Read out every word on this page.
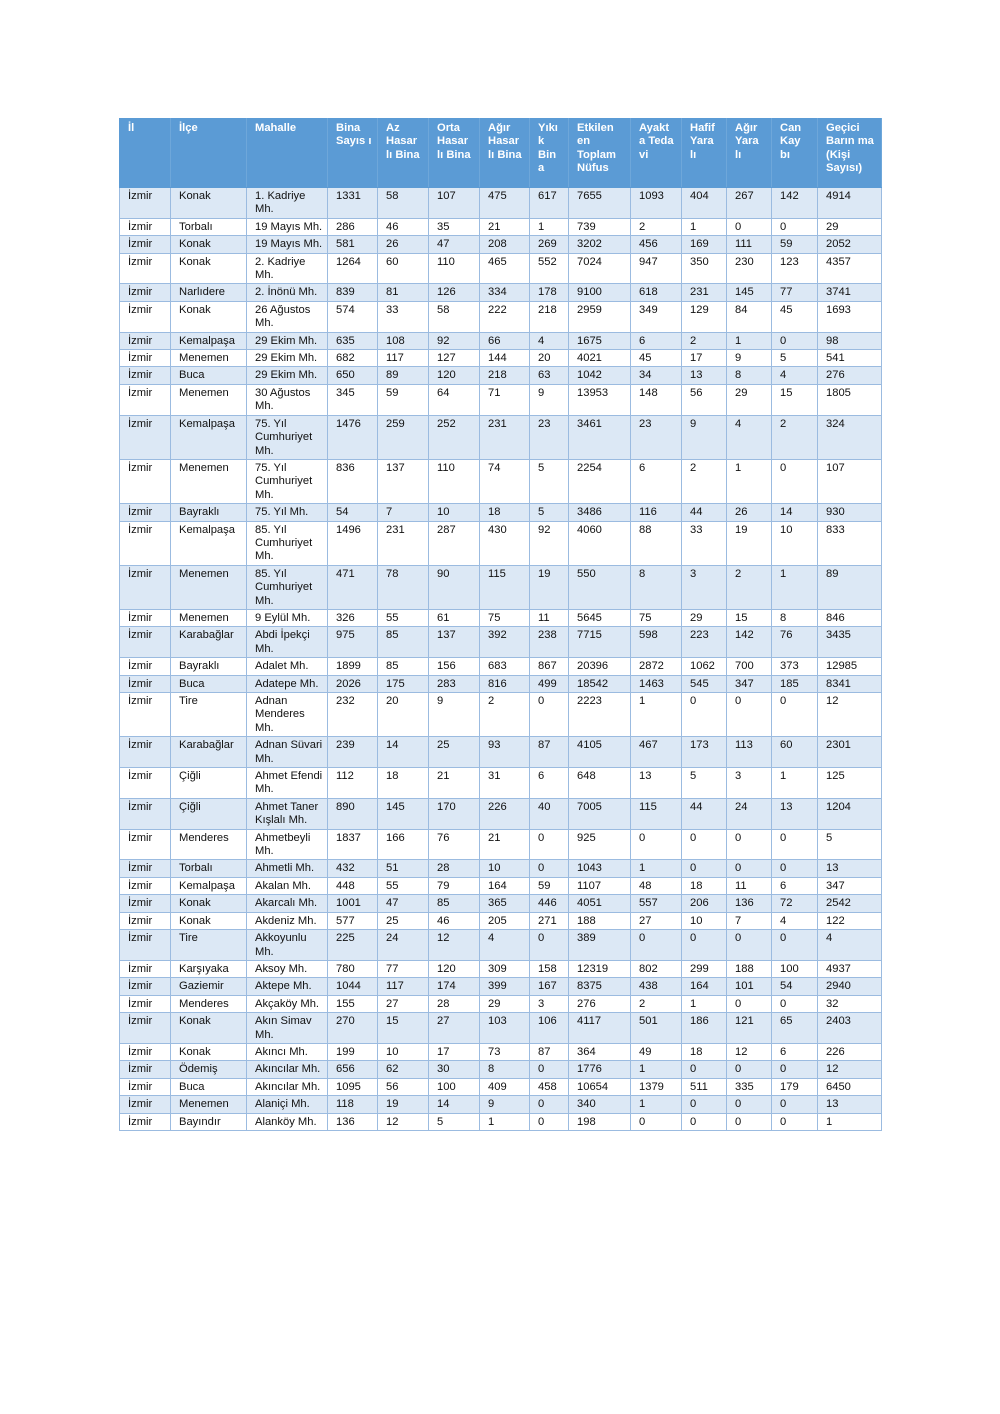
İl	İlçe	Mahalle	Bina Sayıs ı	Az Hasar lı Bina	Orta Hasar lı Bina	Ağır Hasar lı Bina	Yıkı k Bin a	Etkilen en Toplam Nüfus	Ayakt a Teda vi	Hafif Yara lı	Ağır Yara lı	Can Kay bı	Geçici Barın ma (Kişi Sayısı)
İzmir	Konak	1. Kadriye Mh.	1331	58	107	475	617	7655	1093	404	267	142	4914
İzmir	Torbalı	19 Mayıs Mh.	286	46	35	21	1	739	2	1	0	0	29
İzmir	Konak	19 Mayıs Mh.	581	26	47	208	269	3202	456	169	111	59	2052
İzmir	Konak	2. Kadriye Mh.	1264	60	110	465	552	7024	947	350	230	123	4357
İzmir	Narlıdere	2. İnönü Mh.	839	81	126	334	178	9100	618	231	145	77	3741
İzmir	Konak	26 Ağustos Mh.	574	33	58	222	218	2959	349	129	84	45	1693
İzmir	Kemalpaşa	29 Ekim Mh.	635	108	92	66	4	1675	6	2	1	0	98
İzmir	Menemen	29 Ekim Mh.	682	117	127	144	20	4021	45	17	9	5	541
İzmir	Buca	29 Ekim Mh.	650	89	120	218	63	1042	34	13	8	4	276
İzmir	Menemen	30 Ağustos Mh.	345	59	64	71	9	13953	148	56	29	15	1805
İzmir	Kemalpaşa	75. Yıl Cumhuriyet Mh.	1476	259	252	231	23	3461	23	9	4	2	324
İzmir	Menemen	75. Yıl Cumhuriyet Mh.	836	137	110	74	5	2254	6	2	1	0	107
İzmir	Bayraklı	75. Yıl Mh.	54	7	10	18	5	3486	116	44	26	14	930
İzmir	Kemalpaşa	85. Yıl Cumhuriyet Mh.	1496	231	287	430	92	4060	88	33	19	10	833
İzmir	Menemen	85. Yıl Cumhuriyet Mh.	471	78	90	115	19	550	8	3	2	1	89
İzmir	Menemen	9 Eylül Mh.	326	55	61	75	11	5645	75	29	15	8	846
İzmir	Karabağlar	Abdi İpekçi Mh.	975	85	137	392	238	7715	598	223	142	76	3435
İzmir	Bayraklı	Adalet Mh.	1899	85	156	683	867	20396	2872	1062	700	373	12985
İzmir	Buca	Adatepe Mh.	2026	175	283	816	499	18542	1463	545	347	185	8341
İzmir	Tire	Adnan Menderes Mh.	232	20	9	2	0	2223	1	0	0	0	12
İzmir	Karabağlar	Adnan Süvari Mh.	239	14	25	93	87	4105	467	173	113	60	2301
İzmir	Çiğli	Ahmet Efendi Mh.	112	18	21	31	6	648	13	5	3	1	125
İzmir	Çiğli	Ahmet Taner Kışlalı Mh.	890	145	170	226	40	7005	115	44	24	13	1204
İzmir	Menderes	Ahmetbeyli Mh.	1837	166	76	21	0	925	0	0	0	0	5
İzmir	Torbalı	Ahmetli Mh.	432	51	28	10	0	1043	1	0	0	0	13
İzmir	Kemalpaşa	Akalan Mh.	448	55	79	164	59	1107	48	18	11	6	347
İzmir	Konak	Akarcalı Mh.	1001	47	85	365	446	4051	557	206	136	72	2542
İzmir	Konak	Akdeniz Mh.	577	25	46	205	271	188	27	10	7	4	122
İzmir	Tire	Akkoyunlu Mh.	225	24	12	4	0	389	0	0	0	0	4
İzmir	Karşıyaka	Aksoy Mh.	780	77	120	309	158	12319	802	299	188	100	4937
İzmir	Gaziemir	Aktepe Mh.	1044	117	174	399	167	8375	438	164	101	54	2940
İzmir	Menderes	Akçaköy Mh.	155	27	28	29	3	276	2	1	0	0	32
İzmir	Konak	Akın Simav Mh.	270	15	27	103	106	4117	501	186	121	65	2403
İzmir	Konak	Akıncı Mh.	199	10	17	73	87	364	49	18	12	6	226
İzmir	Ödemiş	Akıncılar Mh.	656	62	30	8	0	1776	1	0	0	0	12
İzmir	Buca	Akıncılar Mh.	1095	56	100	409	458	10654	1379	511	335	179	6450
İzmir	Menemen	Alaniçi Mh.	118	19	14	9	0	340	1	0	0	0	13
İzmir	Bayındır	Alanköy Mh.	136	12	5	1	0	198	0	0	0	0	1
